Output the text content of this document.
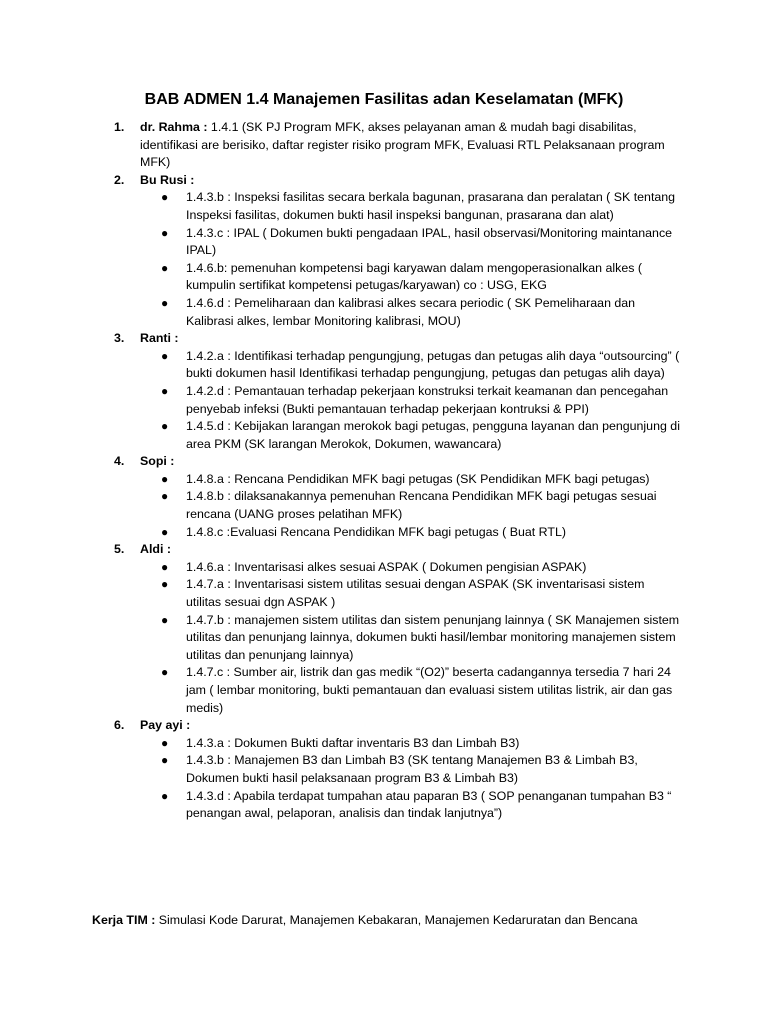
BAB ADMEN 1.4 Manajemen Fasilitas adan Keselamatan (MFK)
1. dr. Rahma : 1.4.1 (SK PJ Program MFK, akses pelayanan aman & mudah bagi disabilitas, identifikasi are berisiko, daftar register risiko program MFK, Evaluasi RTL Pelaksanaan program MFK)
2. Bu Rusi :
● 1.4.3.b : Inspeksi fasilitas secara berkala bagunan, prasarana dan peralatan ( SK tentang Inspeksi fasilitas, dokumen bukti hasil inspeksi bangunan, prasarana dan alat)
● 1.4.3.c : IPAL ( Dokumen bukti pengadaan IPAL, hasil observasi/Monitoring maintanance IPAL)
● 1.4.6.b: pemenuhan kompetensi bagi karyawan dalam mengoperasionalkan alkes ( kumpulin sertifikat kompetensi petugas/karyawan) co : USG, EKG
● 1.4.6.d : Pemeliharaan dan kalibrasi alkes secara periodic ( SK Pemeliharaan dan Kalibrasi alkes, lembar Monitoring kalibrasi, MOU)
3. Ranti :
● 1.4.2.a : Identifikasi terhadap pengungjung, petugas dan petugas alih daya “outsourcing” ( bukti dokumen hasil Identifikasi terhadap pengungjung, petugas dan petugas alih daya)
● 1.4.2.d : Pemantauan terhadap pekerjaan konstruksi terkait keamanan dan pencegahan penyebab infeksi (Bukti pemantauan terhadap pekerjaan kontruksi & PPI)
● 1.4.5.d : Kebijakan larangan merokok bagi petugas, pengguna layanan dan pengunjung di area PKM (SK larangan Merokok, Dokumen, wawancara)
4. Sopi :
● 1.4.8.a : Rencana Pendidikan MFK bagi petugas (SK Pendidikan MFK bagi petugas)
● 1.4.8.b : dilaksanakannya pemenuhan Rencana Pendidikan MFK bagi petugas sesuai rencana (UANG proses pelatihan MFK)
● 1.4.8.c :Evaluasi Rencana Pendidikan MFK bagi petugas ( Buat RTL)
5. Aldi :
● 1.4.6.a : Inventarisasi alkes sesuai ASPAK ( Dokumen pengisian ASPAK)
● 1.4.7.a : Inventarisasi sistem utilitas sesuai dengan ASPAK (SK inventarisasi sistem utilitas sesuai dgn ASPAK )
● 1.4.7.b : manajemen sistem utilitas dan sistem penunjang lainnya ( SK Manajemen sistem utilitas dan penunjang lainnya, dokumen bukti hasil/lembar monitoring manajemen sistem utilitas dan penunjang lainnya)
● 1.4.7.c : Sumber air, listrik dan gas medik “(O2)” beserta cadangannya tersedia 7 hari 24 jam ( lembar monitoring, bukti pemantauan dan evaluasi sistem utilitas listrik, air dan gas medis)
6. Pay ayi :
● 1.4.3.a : Dokumen Bukti daftar inventaris B3 dan Limbah B3)
● 1.4.3.b : Manajemen B3 dan Limbah B3 (SK tentang Manajemen B3 & Limbah B3, Dokumen bukti hasil pelaksanaan program B3 & Limbah B3)
● 1.4.3.d : Apabila terdapat tumpahan atau paparan B3 ( SOP penanganan tumpahan B3 “ penangan awal, pelaporan, analisis dan tindak lanjutnya”)
Kerja TIM : Simulasi Kode Darurat, Manajemen Kebakaran, Manajemen Kedaruratan dan Bencana
